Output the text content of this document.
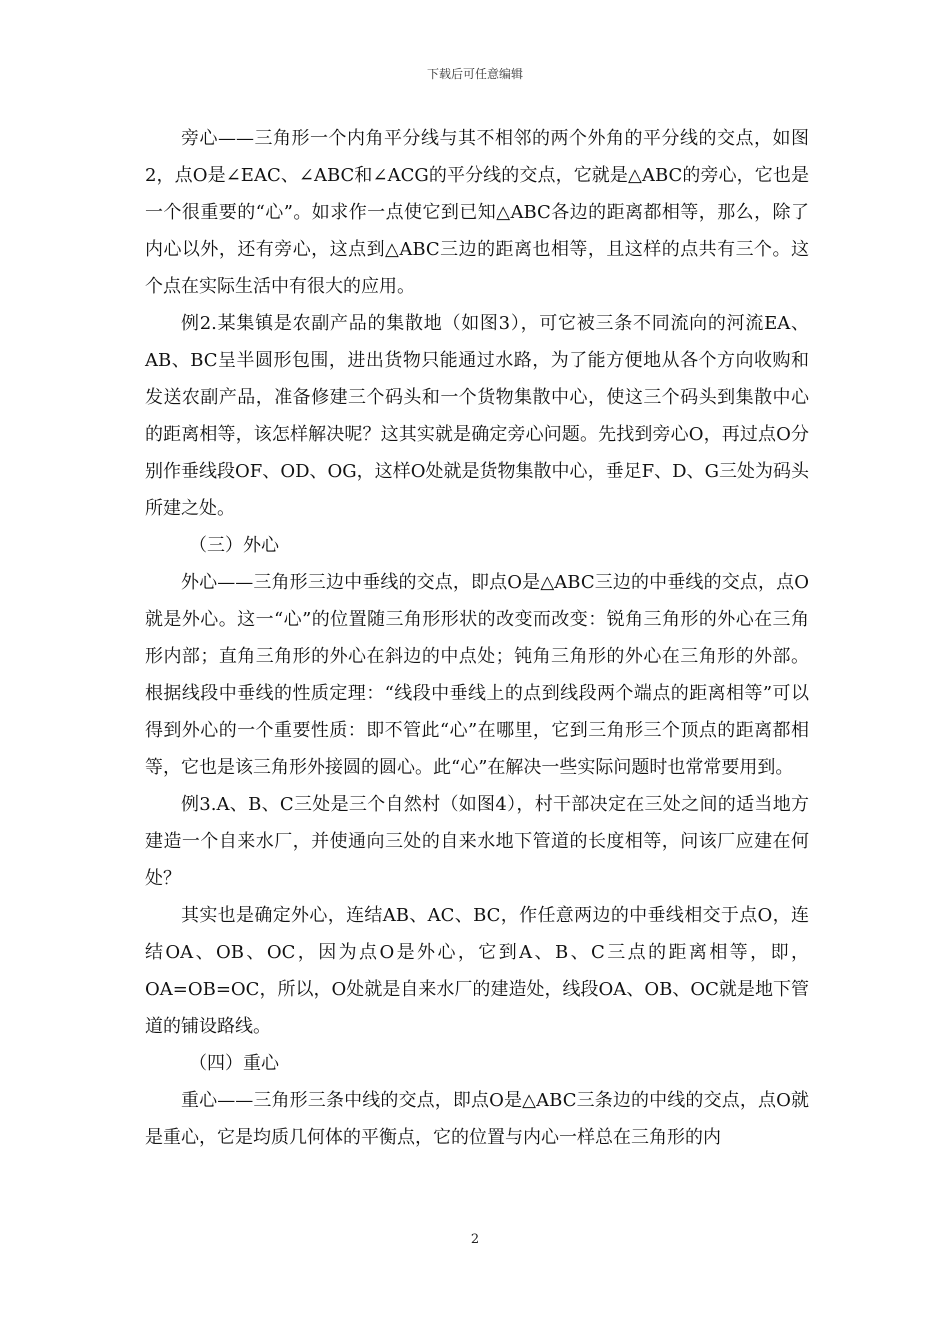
下载后可任意编辑

旁心——三角形一个内角平分线与其不相邻的两个外角的平分线的交点，如图2，点O是∠EAC、∠ABC和∠ACG的平分线的交点，它就是△ABC的旁心，它也是一个很重要的“心”。如求作一点使它到已知△ABC各边的距离都相等，那么，除了内心以外，还有旁心，这点到△ABC三边的距离也相等，且这样的点共有三个。这个点在实际生活中有很大的应用。

例2.某集镇是农副产品的集散地（如图3），可它被三条不同流向的河流EA、AB、BC呈半圆形包围，进出货物只能通过水路，为了能方便地从各个方向收购和发送农副产品，准备修建三个码头和一个货物集散中心，使这三个码头到集散中心的距离相等，该怎样解决呢？这其实就是确定旁心问题。先找到旁心O，再过点O分别作垂线段OF、OD、OG，这样O处就是货物集散中心，垂足F、D、G三处为码头所建之处。

（三）外心

外心——三角形三边中垂线的交点，即点O是△ABC三边的中垂线的交点，点O就是外心。这一“心”的位置随三角形形状的改变而改变：锐角三角形的外心在三角形内部；直角三角形的外心在斜边的中点处；钝角三角形的外心在三角形的外部。根据线段中垂线的性质定理：“线段中垂线上的点到线段两个端点的距离相等”可以得到外心的一个重要性质：即不管此“心”在哪里，它到三角形三个顶点的距离都相等，它也是该三角形外接圆的圆心。此“心”在解决一些实际问题时也常常要用到。

例3.A、B、C三处是三个自然村（如图4），村干部决定在三处之间的适当地方建造一个自来水厂，并使通向三处的自来水地下管道的长度相等，问该厂应建在何处？

其实也是确定外心，连结AB、AC、BC，作任意两边的中垂线相交于点O，连结OA、OB、OC，因为点O是外心，它到A、B、C三点的距离相等，即，OA=OB=OC，所以，O处就是自来水厂的建造处，线段OA、OB、OC就是地下管道的铺设路线。

（四）重心

重心——三角形三条中线的交点，即点O是△ABC三条边的中线的交点，点O就是重心，它是均质几何体的平衡点，它的位置与内心一样总在三角形的内

2
